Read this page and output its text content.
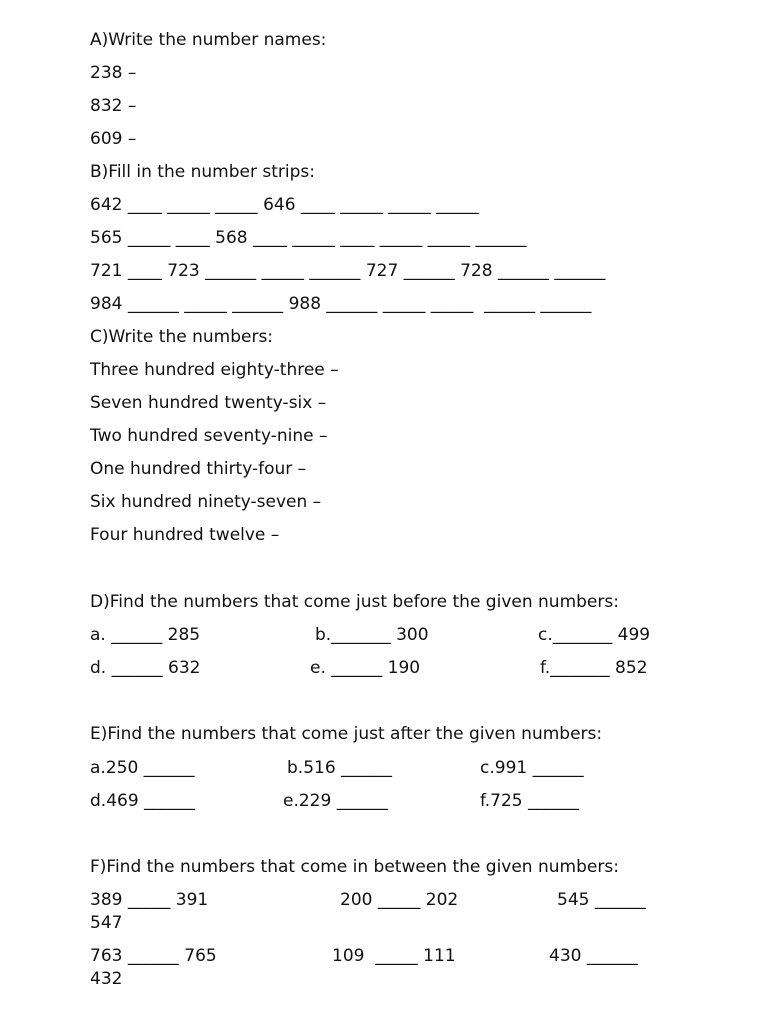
A)Write the number names:
238 –
832 –
609 –
B)Fill in the number strips:
642 ____ _____ _____ 646 ____ _____ _____ _____
565 _____ ____ 568 ____ _____ ____ _____ _____ ______
721 ____ 723 ______ _____ ______ 727 ______ 728 ______ ______
984 ______ _____ ______ 988 ______ _____ _____  ______ ______
C)Write the numbers:
Three hundred eighty-three –
Seven hundred twenty-six –
Two hundred seventy-nine –
One hundred thirty-four –
Six hundred ninety-seven –
Four hundred twelve –
D)Find the numbers that come just before the given numbers:
a. ______ 285	b._______ 300	c._______ 499
d. ______ 632	e. ______ 190	f._______ 852
E)Find the numbers that come just after the given numbers:
a.250 ______	b.516 ______	c.991 ______
d.469 ______	e.229 ______	f.725 ______
F)Find the numbers that come in between the given numbers:
389 _____ 391	200 _____ 202	545 ______
547
763 ______ 765	109  _____ 111	430 ______
432
